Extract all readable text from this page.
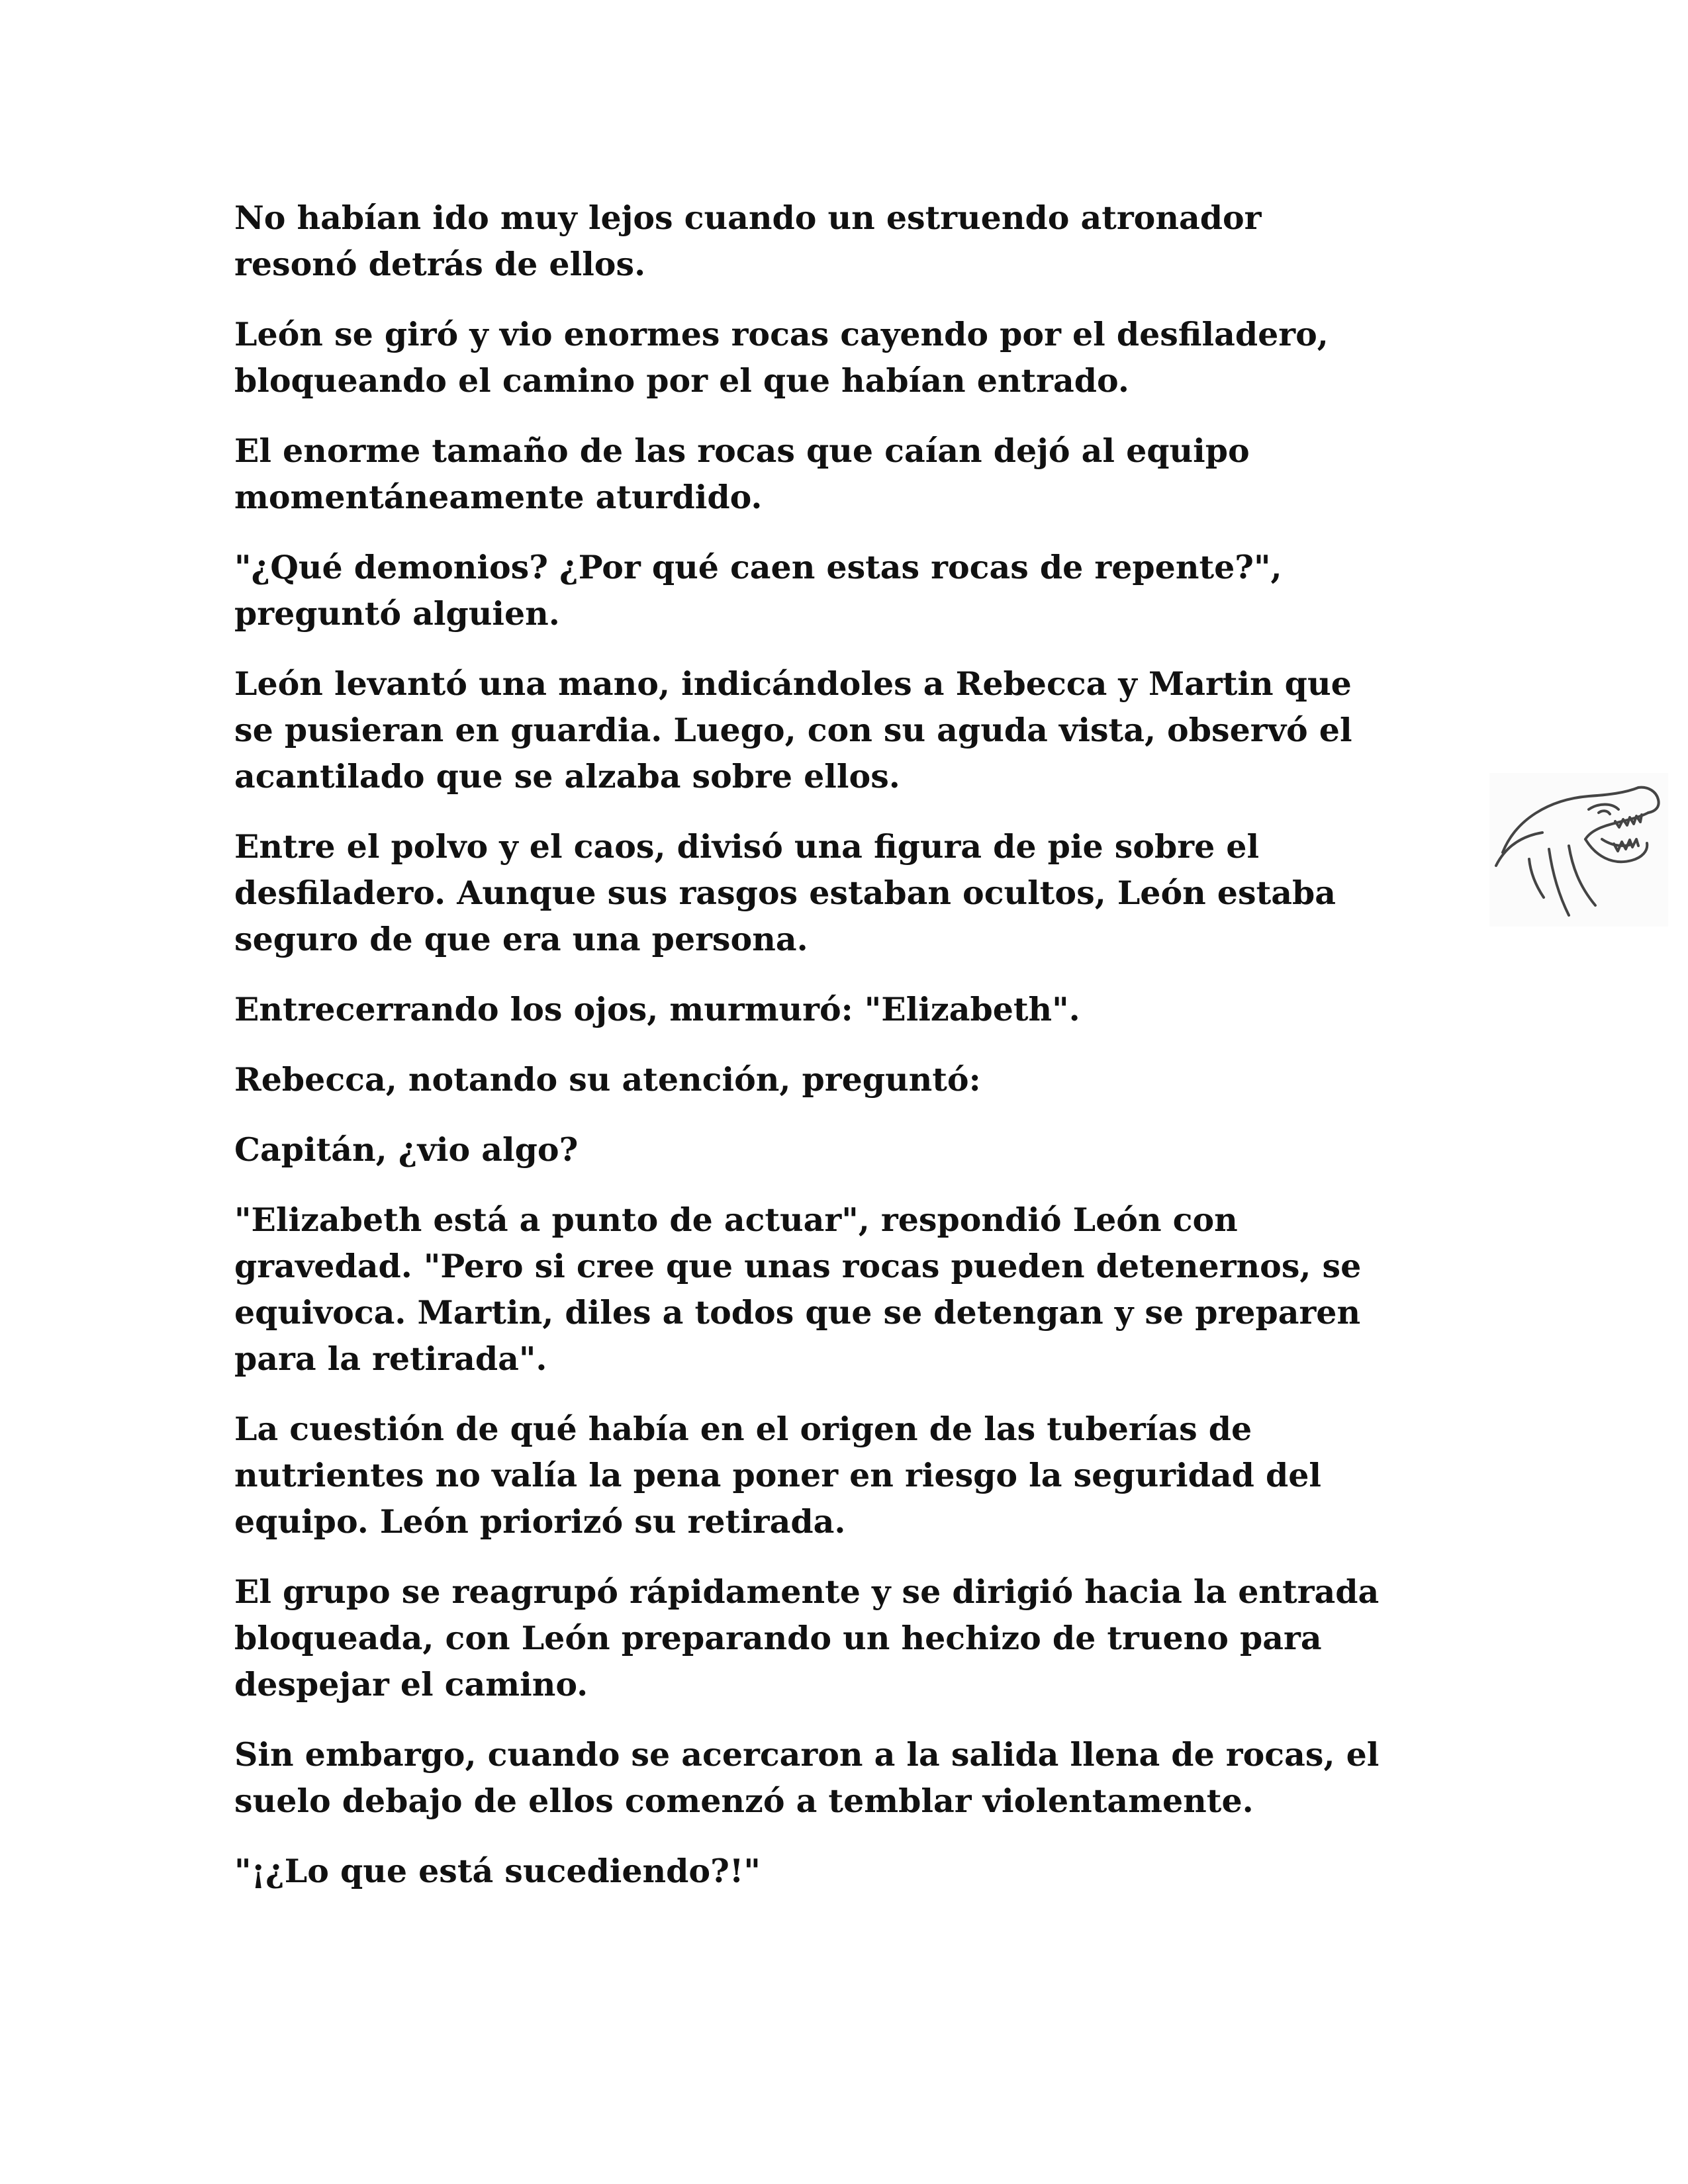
No habían ido muy lejos cuando un estruendo atronador
resonó detrás de ellos.

León se giró y vio enormes rocas cayendo por el desfiladero,
bloqueando el camino por el que habían entrado.

El enorme tamaño de las rocas que caían dejó al equipo
momentáneamente aturdido.

"¿Qué demonios? ¿Por qué caen estas rocas de repente?",
preguntó alguien.

León levantó una mano, indicándoles a Rebecca y Martin que
se pusieran en guardia. Luego, con su aguda vista, observó el
acantilado que se alzaba sobre ellos.

Entre el polvo y el caos, divisó una figura de pie sobre el
desfiladero. Aunque sus rasgos estaban ocultos, León estaba
seguro de que era una persona.

Entrecerrando los ojos, murmuró: "Elizabeth".

Rebecca, notando su atención, preguntó:

Capitán, ¿vio algo?

"Elizabeth está a punto de actuar", respondió León con
gravedad. "Pero si cree que unas rocas pueden detenernos, se
equivoca. Martin, diles a todos que se detengan y se preparen
para la retirada".

La cuestión de qué había en el origen de las tuberías de
nutrientes no valía la pena poner en riesgo la seguridad del
equipo. León priorizó su retirada.

El grupo se reagrupó rápidamente y se dirigió hacia la entrada
bloqueada, con León preparando un hechizo de trueno para
despejar el camino.

Sin embargo, cuando se acercaron a la salida llena de rocas, el
suelo debajo de ellos comenzó a temblar violentamente.

"¡¿Lo que está sucediendo?!"
